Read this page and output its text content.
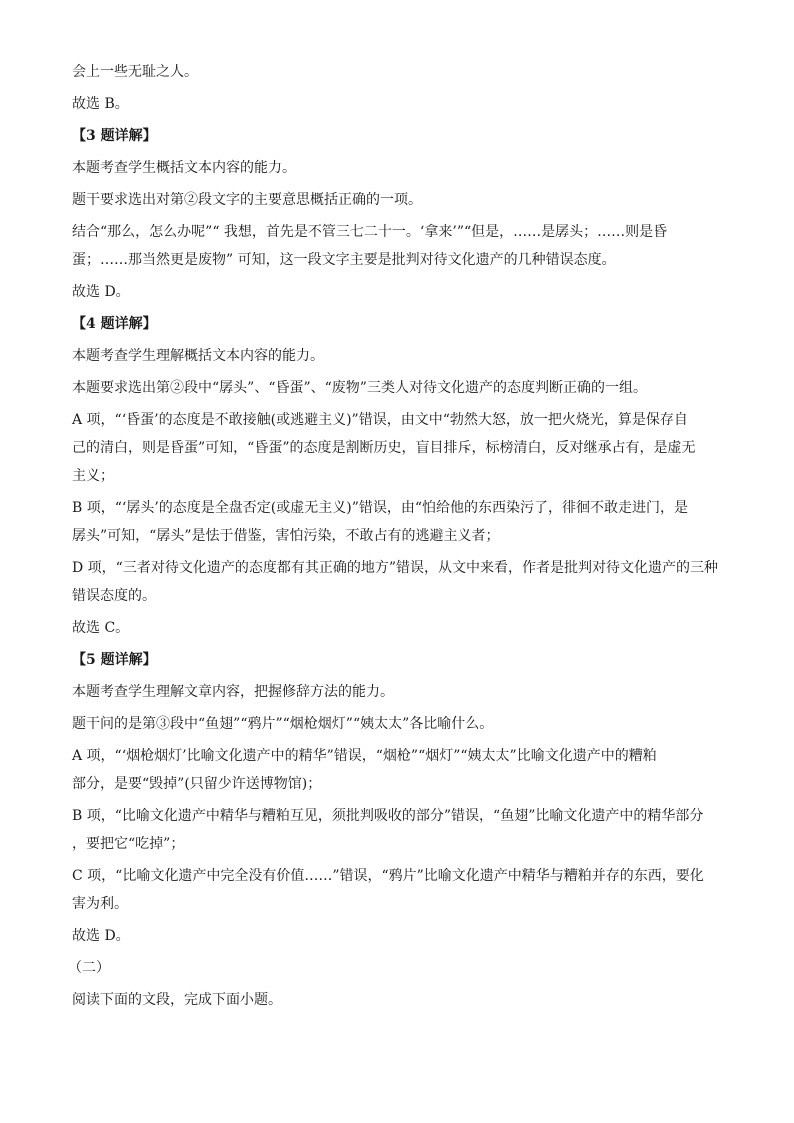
会上一些无耻之人。

故选 B。

【3 题详解】

本题考查学生概括文本内容的能力。

题干要求选出对第②段文字的主要意思概括正确的一项。

结合“那么，怎么办呢”“ 我想，首先是不管三七二十一。‘拿来’”“但是，……是孱头；……则是昏

蛋；……那当然更是废物” 可知，这一段文字主要是批判对待文化遗产的几种错误态度。

故选 D。

【4 题详解】

本题考查学生理解概括文本内容的能力。

本题要求选出第②段中“孱头”、“昏蛋”、“废物”三类人对待文化遗产的态度判断正确的一组。

A 项，“‘昏蛋’的态度是不敢接触(或逃避主义)”错误，由文中“勃然大怒，放一把火烧光，算是保存自

己的清白，则是昏蛋”可知，“昏蛋”的态度是割断历史，盲目排斥，标榜清白，反对继承占有，是虚无

主义；

B 项，“‘孱头’的态度是全盘否定(或虚无主义)”错误，由“怕给他的东西染污了，徘徊不敢走进门，是

孱头”可知，“孱头”是怯于借鉴，害怕污染，不敢占有的逃避主义者；

D 项，“三者对待文化遗产的态度都有其正确的地方”错误，从文中来看，作者是批判对待文化遗产的三种

错误态度的。

故选 C。

【5 题详解】

本题考查学生理解文章内容，把握修辞方法的能力。

题干问的是第③段中“鱼翅”“鸦片”“烟枪烟灯”“姨太太”各比喻什么。

A 项，“‘烟枪烟灯’比喻文化遗产中的精华”错误，“烟枪”“烟灯”“姨太太”比喻文化遗产中的糟粕

部分，是要“毁掉”(只留少许送博物馆)；

B 项，“比喻文化遗产中精华与糟粕互见，须批判吸收的部分”错误，“鱼翅”比喻文化遗产中的精华部分

，要把它“吃掉”；

C 项，“比喻文化遗产中完全没有价值……”错误，“鸦片”比喻文化遗产中精华与糟粕并存的东西，要化

害为利。

故选 D。

（二）

阅读下面的文段，完成下面小题。
